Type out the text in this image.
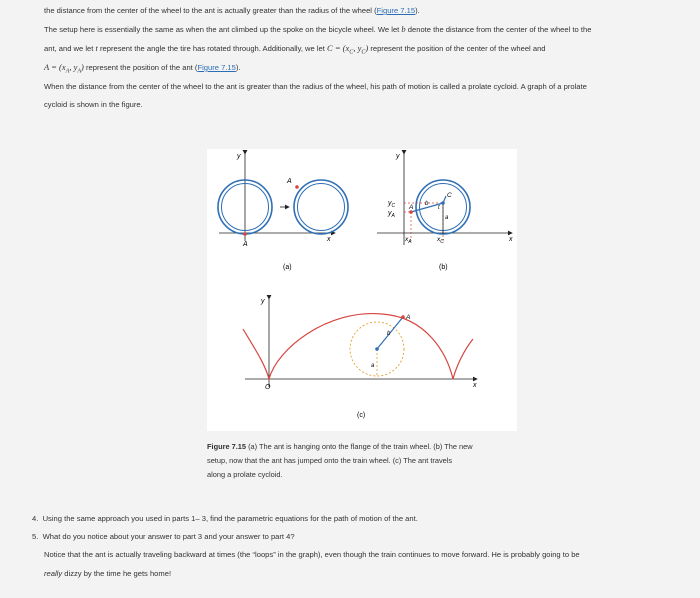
the distance from the center of the wheel to the ant is actually greater than the radius of the wheel (Figure 7.15).
The setup here is essentially the same as when the ant climbed up the spoke on the bicycle wheel. We let b denote the distance from the center of the wheel to the
ant, and we let t represent the angle the tire has rotated through. Additionally, we let $C = (x_C$, $y_C$) represent the position of the center of the wheel and
$A = (x_A$, $y_A$) represent the position of the ant (Figure 7.15).
When the distance from the center of the wheel to the ant is greater than the radius of the wheel, his path of motion is called a prolate cycloid. A graph of a prolate
cycloid is shown in the figure.
y
A
A
x
(a)
y
$y_C$
$y_A$
A
C
b
t
a
$x_A$	$x_C$	x
(b)
y
A
b
a
O	x
(c)
Figure 7.15 (a) The ant is hanging onto the flange of the train wheel. (b) The new
setup, now that the ant has jumped onto the train wheel. (c) The ant travels
along a prolate cycloid.
4. Using the same approach you used in parts 1– 3, find the parametric equations for the path of motion of the ant.
5. What do you notice about your answer to part 3 and your answer to part 4?
Notice that the ant is actually traveling backward at times (the “loops” in the graph), even though the train continues to move forward. He is probably going to be
really dizzy by the time he gets home!
